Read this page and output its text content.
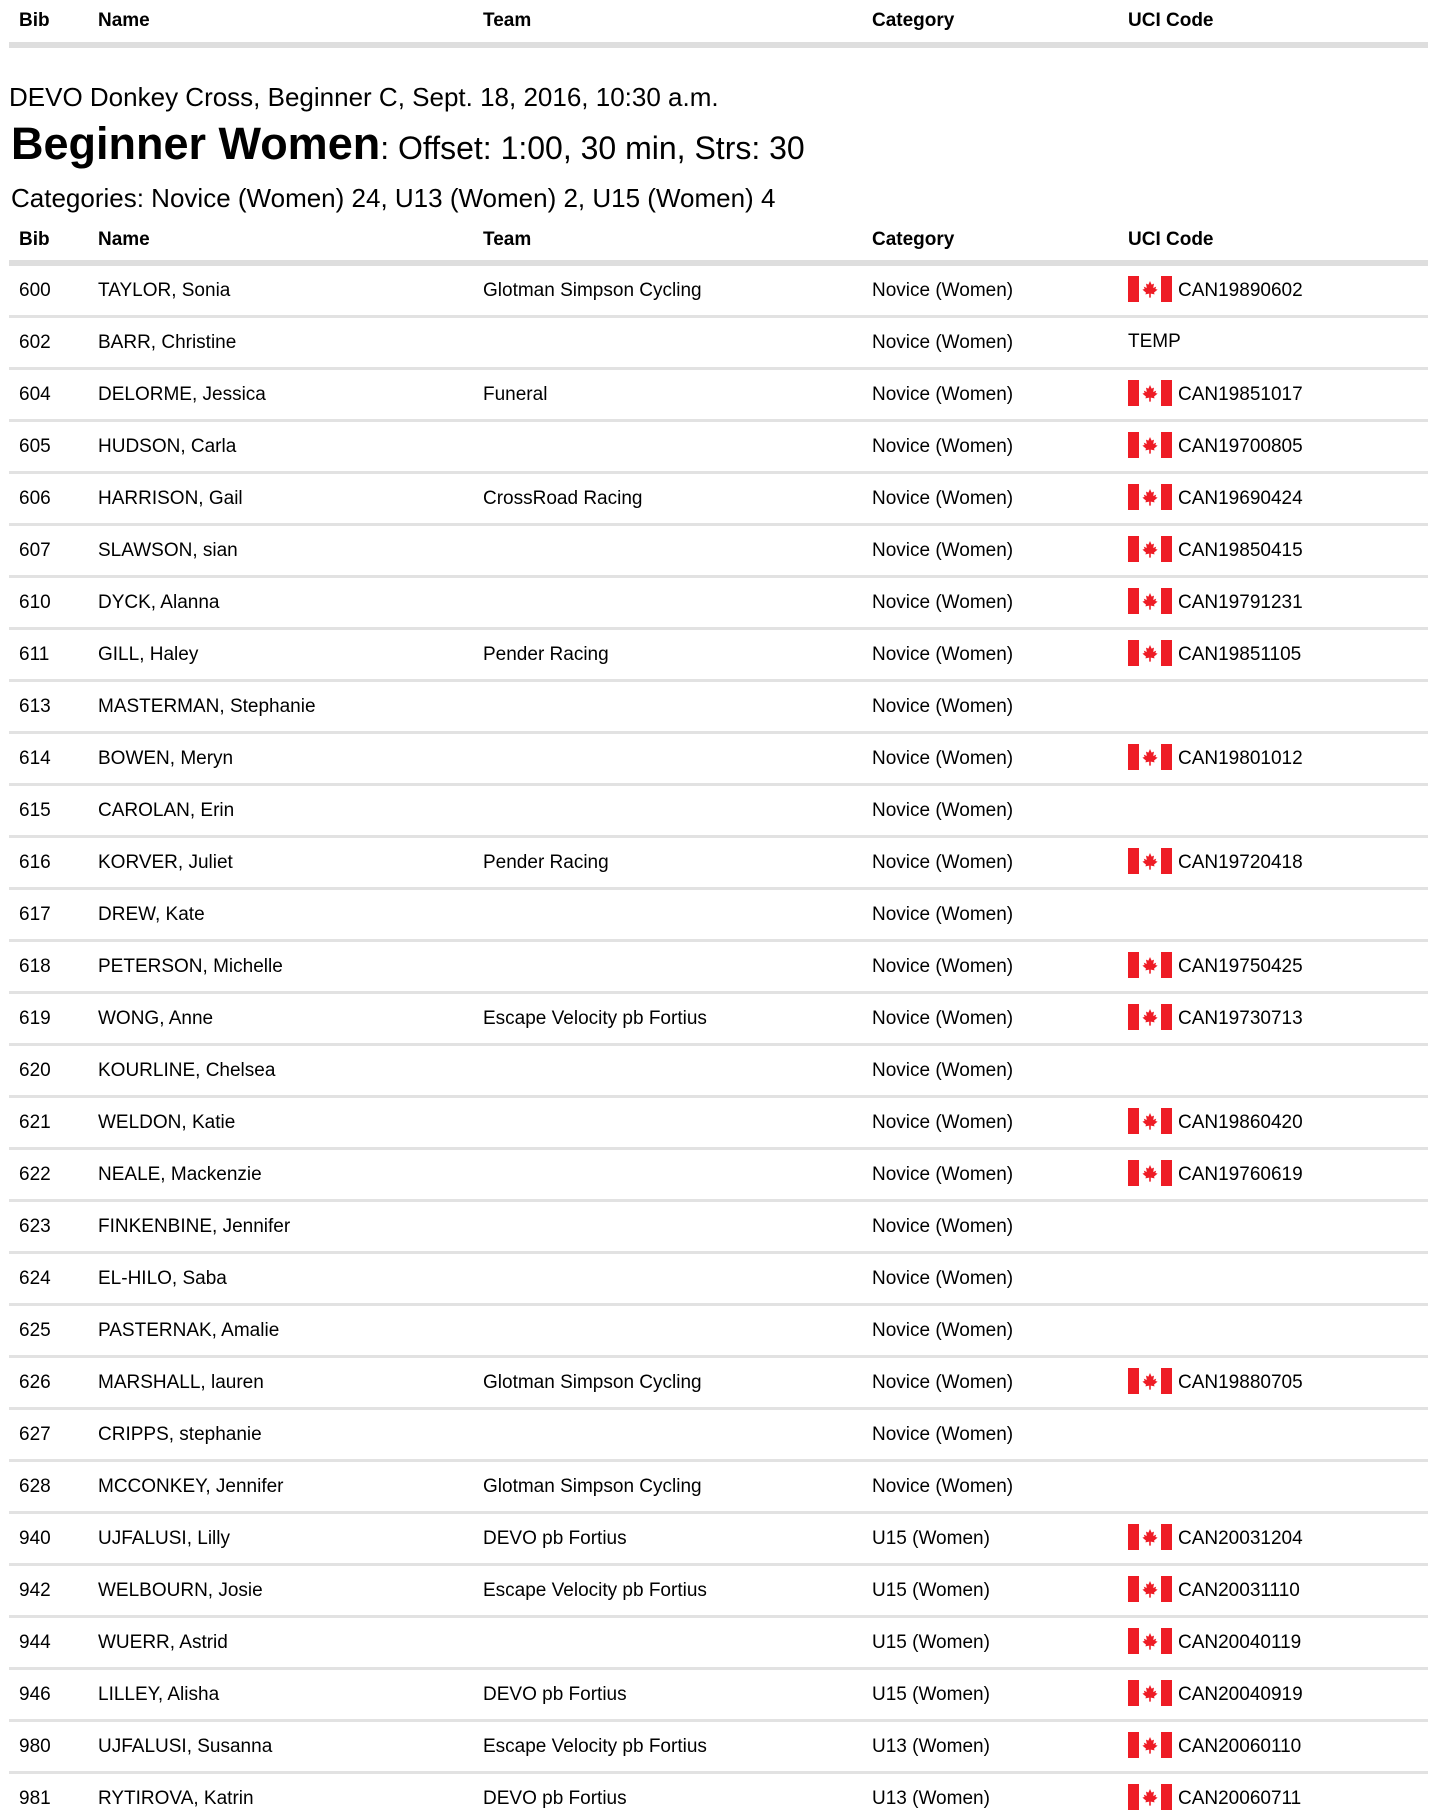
Bib	Name	Team	Category	UCI Code
DEVO Donkey Cross, Beginner C, Sept. 18, 2016, 10:30 a.m.
Beginner Women: Offset: 1:00, 30 min, Strs: 30
Categories: Novice (Women) 24, U13 (Women) 2, U15 (Women) 4
Bib	Name	Team	Category	UCI Code
600	TAYLOR, Sonia	Glotman Simpson Cycling	Novice (Women)	CAN19890602
602	BARR, Christine		Novice (Women)	TEMP
604	DELORME, Jessica	Funeral	Novice (Women)	CAN19851017
605	HUDSON, Carla		Novice (Women)	CAN19700805
606	HARRISON, Gail	CrossRoad Racing	Novice (Women)	CAN19690424
607	SLAWSON, sian		Novice (Women)	CAN19850415
610	DYCK, Alanna		Novice (Women)	CAN19791231
611	GILL, Haley	Pender Racing	Novice (Women)	CAN19851105
613	MASTERMAN, Stephanie		Novice (Women)	
614	BOWEN, Meryn		Novice (Women)	CAN19801012
615	CAROLAN, Erin		Novice (Women)	
616	KORVER, Juliet	Pender Racing	Novice (Women)	CAN19720418
617	DREW, Kate		Novice (Women)	
618	PETERSON, Michelle		Novice (Women)	CAN19750425
619	WONG, Anne	Escape Velocity pb Fortius	Novice (Women)	CAN19730713
620	KOURLINE, Chelsea		Novice (Women)	
621	WELDON, Katie		Novice (Women)	CAN19860420
622	NEALE, Mackenzie		Novice (Women)	CAN19760619
623	FINKENBINE, Jennifer		Novice (Women)	
624	EL-HILO, Saba		Novice (Women)	
625	PASTERNAK, Amalie		Novice (Women)	
626	MARSHALL, lauren	Glotman Simpson Cycling	Novice (Women)	CAN19880705
627	CRIPPS, stephanie		Novice (Women)	
628	MCCONKEY, Jennifer	Glotman Simpson Cycling	Novice (Women)	
940	UJFALUSI, Lilly	DEVO pb Fortius	U15 (Women)	CAN20031204
942	WELBOURN, Josie	Escape Velocity pb Fortius	U15 (Women)	CAN20031110
944	WUERR, Astrid		U15 (Women)	CAN20040119
946	LILLEY, Alisha	DEVO pb Fortius	U15 (Women)	CAN20040919
980	UJFALUSI, Susanna	Escape Velocity pb Fortius	U13 (Women)	CAN20060110
981	RYTIROVA, Katrin	DEVO pb Fortius	U13 (Women)	CAN20060711
